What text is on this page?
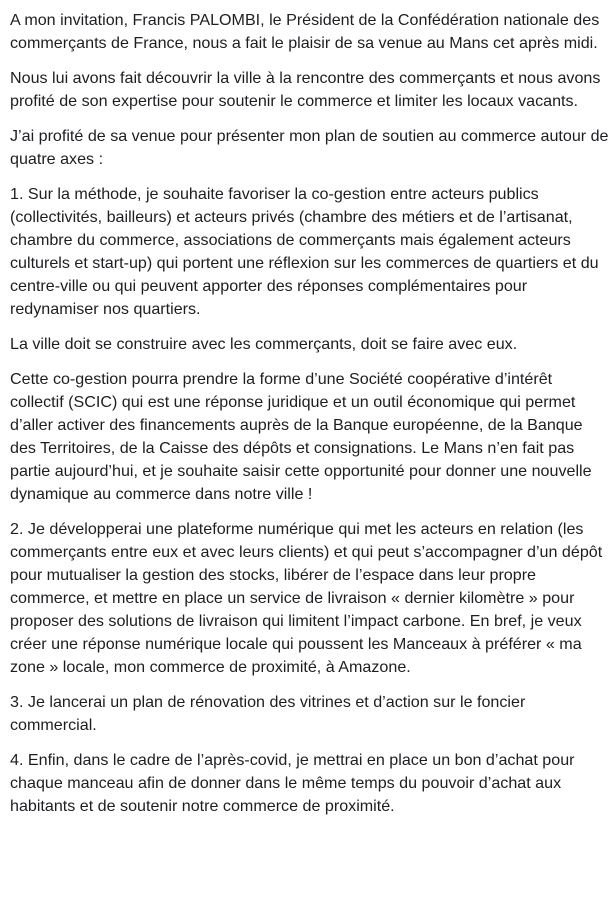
A mon invitation, Francis PALOMBI, le Président de la Confédération nationale des commerçants de France, nous a fait le plaisir de sa venue au Mans cet après midi.

Nous lui avons fait découvrir la ville à la rencontre des commerçants et nous avons profité de son expertise pour soutenir le commerce et limiter les locaux vacants.

J’ai profité de sa venue pour présenter mon plan de soutien au commerce autour de quatre axes :

1. Sur la méthode, je souhaite favoriser la co-gestion entre acteurs publics (collectivités, bailleurs) et acteurs privés (chambre des métiers et de l’artisanat, chambre du commerce, associations de commerçants mais également acteurs culturels et start-up) qui portent une réflexion sur les commerces de quartiers et du centre-ville ou qui peuvent apporter des réponses complémentaires pour redynamiser nos quartiers.

La ville doit se construire avec les commerçants, doit se faire avec eux.

Cette co-gestion pourra prendre la forme d’une Société coopérative d’intérêt collectif (SCIC) qui est une réponse juridique et un outil économique qui permet d’aller activer des financements auprès de la Banque européenne, de la Banque des Territoires, de la Caisse des dépôts et consignations. Le Mans n’en fait pas partie aujourd’hui, et je souhaite saisir cette opportunité pour donner une nouvelle dynamique au commerce dans notre ville !

2. Je développerai une plateforme numérique qui met les acteurs en relation (les commerçants entre eux et avec leurs clients) et qui peut s’accompagner d’un dépôt pour mutualiser la gestion des stocks, libérer de l’espace dans leur propre commerce, et mettre en place un service de livraison « dernier kilomètre » pour proposer des solutions de livraison qui limitent l’impact carbone. En bref, je veux créer une réponse numérique locale qui poussent les Manceaux à préférer « ma zone » locale, mon commerce de proximité, à Amazone.

3. Je lancerai un plan de rénovation des vitrines et d’action sur le foncier commercial.

4. Enfin, dans le cadre de l’après-covid, je mettrai en place un bon d’achat pour chaque manceau afin de donner dans le même temps du pouvoir d’achat aux habitants et de soutenir notre commerce de proximité.
